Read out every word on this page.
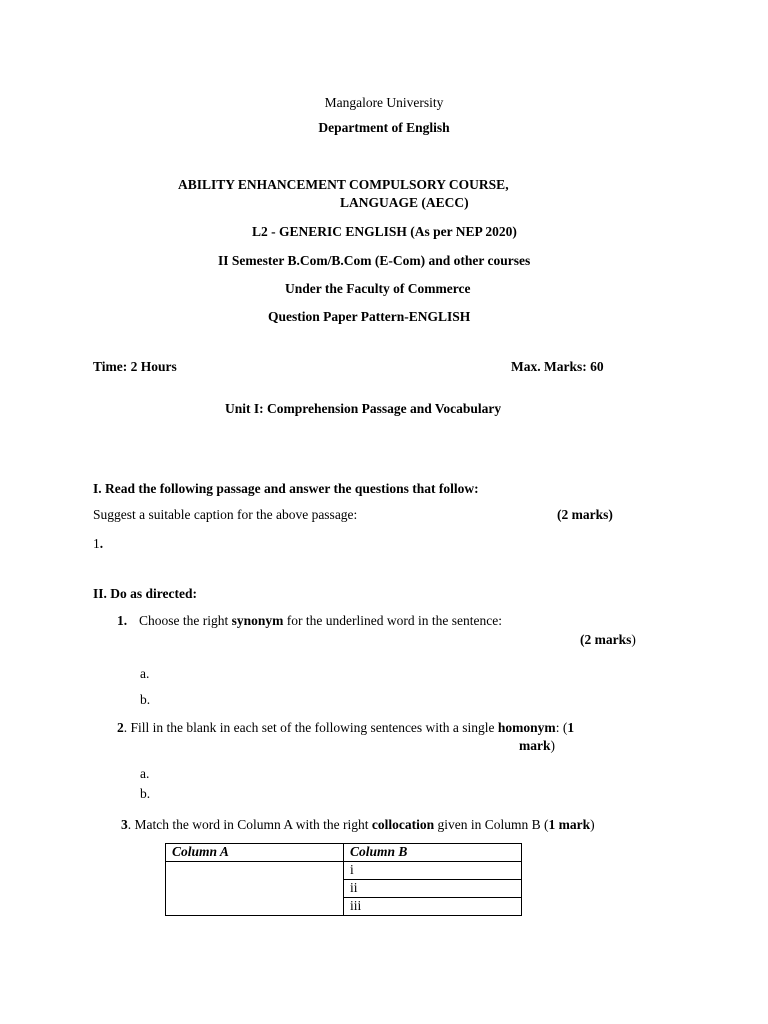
Mangalore University
Department of English
ABILITY ENHANCEMENT COMPULSORY COURSE,
LANGUAGE (AECC)
L2 - GENERIC ENGLISH (As per NEP 2020)
II Semester B.Com/B.Com (E-Com) and other courses
Under the Faculty of Commerce
Question Paper Pattern-ENGLISH
Time: 2 Hours	Max. Marks: 60
Unit I: Comprehension Passage and Vocabulary
I. Read the following passage and answer the questions that follow:
Suggest a suitable caption for the above passage:	(2 marks)
1.
II. Do as directed:
1. Choose the right synonym for the underlined word in the sentence:
(2 marks)
a.
b.
2. Fill in the blank in each set of the following sentences with a single homonym: (1
mark)
a.
b.
3. Match the word in Column A with the right collocation given in Column B (1 mark)
Column A	Column B
	i
	ii
	iii
